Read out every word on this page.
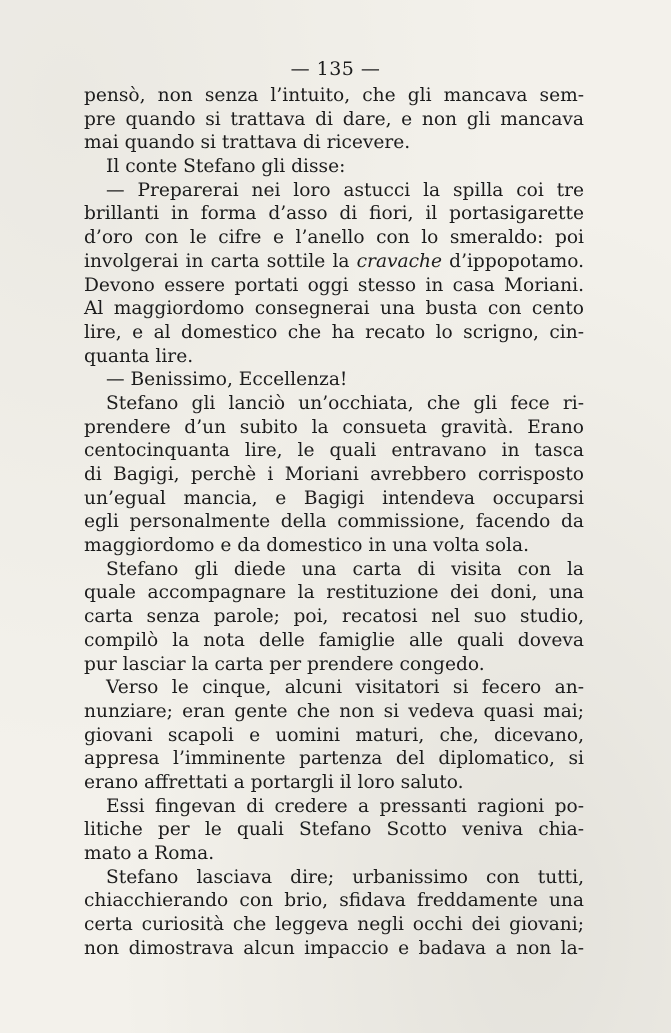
— 135 —

pensò, non senza l’intuito, che gli mancava sem-
pre quando si trattava di dare, e non gli mancava
mai quando si trattava di ricevere.
Il conte Stefano gli disse:
— Preparerai nei loro astucci la spilla coi tre
brillanti in forma d’asso di fiori, il portasigarette
d’oro con le cifre e l’anello con lo smeraldo: poi
involgerai in carta sottile la cravache d’ippopotamo.
Devono essere portati oggi stesso in casa Moriani.
Al maggiordomo consegnerai una busta con cento
lire, e al domestico che ha recato lo scrigno, cin-
quanta lire.
— Benissimo, Eccellenza!
Stefano gli lanciò un’occhiata, che gli fece ri-
prendere d’un subito la consueta gravità. Erano
centocinquanta lire, le quali entravano in tasca
di Bagigi, perchè i Moriani avrebbero corrisposto
un’egual mancia, e Bagigi intendeva occuparsi
egli personalmente della commissione, facendo da
maggiordomo e da domestico in una volta sola.
Stefano gli diede una carta di visita con la
quale accompagnare la restituzione dei doni, una
carta senza parole; poi, recatosi nel suo studio,
compilò la nota delle famiglie alle quali doveva
pur lasciar la carta per prendere congedo.
Verso le cinque, alcuni visitatori si fecero an-
nunziare; eran gente che non si vedeva quasi mai;
giovani scapoli e uomini maturi, che, dicevano,
appresa l’imminente partenza del diplomatico, si
erano affrettati a portargli il loro saluto.
Essi fingevan di credere a pressanti ragioni po-
litiche per le quali Stefano Scotto veniva chia-
mato a Roma.
Stefano lasciava dire; urbanissimo con tutti,
chiacchierando con brio, sfidava freddamente una
certa curiosità che leggeva negli occhi dei giovani;
non dimostrava alcun impaccio e badava a non la-
